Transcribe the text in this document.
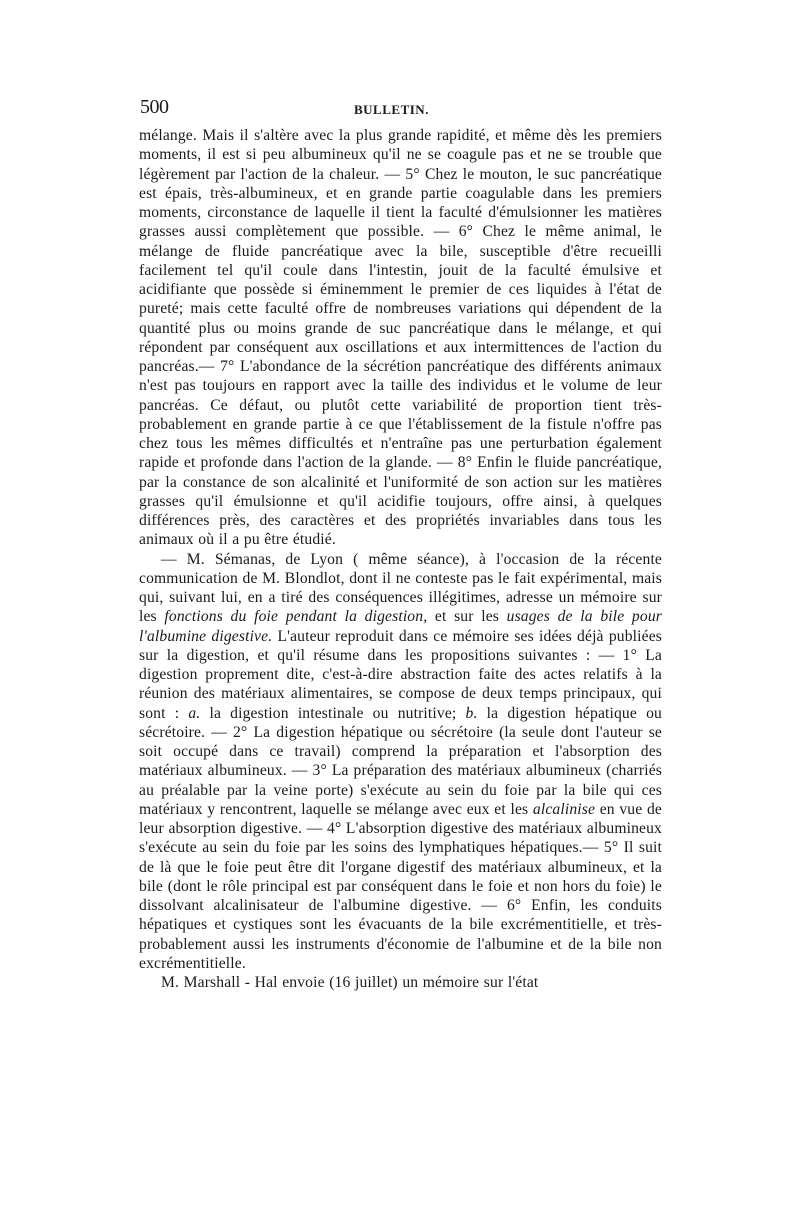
500	BULLETIN.

mélange. Mais il s'altère avec la plus grande rapidité, et même dès les premiers moments, il est si peu albumineux qu'il ne se coagule pas et ne se trouble que légèrement par l'action de la chaleur. — 5° Chez le mouton, le suc pancréatique est épais, très-albumineux, et en grande partie coagulable dans les premiers moments, circonstance de laquelle il tient la faculté d'émulsionner les matières grasses aussi complètement que possible. — 6° Chez le même animal, le mélange de fluide pancréatique avec la bile, susceptible d'être recueilli facilement tel qu'il coule dans l'intestin, jouit de la faculté émulsive et acidifiante que possède si éminemment le premier de ces liquides à l'état de pureté; mais cette faculté offre de nombreuses variations qui dépendent de la quantité plus ou moins grande de suc pancréatique dans le mélange, et qui répondent par conséquent aux oscillations et aux intermittences de l'action du pancréas.— 7° L'abondance de la sécrétion pancréatique des différents animaux n'est pas toujours en rapport avec la taille des individus et le volume de leur pancréas. Ce défaut, ou plutôt cette variabilité de proportion tient très-probablement en grande partie à ce que l'établissement de la fistule n'offre pas chez tous les mêmes difficultés et n'entraîne pas une perturbation également rapide et profonde dans l'action de la glande. — 8° Enfin le fluide pancréatique, par la constance de son alcalinité et l'uniformité de son action sur les matières grasses qu'il émulsionne et qu'il acidifie toujours, offre ainsi, à quelques différences près, des caractères et des propriétés invariables dans tous les animaux où il a pu être étudié.

— M. Sémanas, de Lyon ( même séance), à l'occasion de la récente communication de M. Blondlot, dont il ne conteste pas le fait expérimental, mais qui, suivant lui, en a tiré des conséquences illégitimes, adresse un mémoire sur les fonctions du foie pendant la digestion, et sur les usages de la bile pour l'albumine digestive. L'auteur reproduit dans ce mémoire ses idées déjà publiées sur la digestion, et qu'il résume dans les propositions suivantes : — 1° La digestion proprement dite, c'est-à-dire abstraction faite des actes relatifs à la réunion des matériaux alimentaires, se compose de deux temps principaux, qui sont : a. la digestion intestinale ou nutritive; b. la digestion hépatique ou sécrétoire. — 2° La digestion hépatique ou sécrétoire (la seule dont l'auteur se soit occupé dans ce travail) comprend la préparation et l'absorption des matériaux albumineux. — 3° La préparation des matériaux albumineux (charriés au préalable par la veine porte) s'exécute au sein du foie par la bile qui ces matériaux y rencontrent, laquelle se mélange avec eux et les alcalinise en vue de leur absorption digestive. — 4° L'absorption digestive des matériaux albumineux s'exécute au sein du foie par les soins des lymphatiques hépatiques.— 5° Il suit de là que le foie peut être dit l'organe digestif des matériaux albumineux, et la bile (dont le rôle principal est par conséquent dans le foie et non hors du foie) le dissolvant alcalinisateur de l'albumine digestive. — 6° Enfin, les conduits hépatiques et cystiques sont les évacuants de la bile excrémentitielle, et très-probablement aussi les instruments d'économie de l'albumine et de la bile non excrémentitielle.

M. Marshall - Hal envoie (16 juillet) un mémoire sur l'état
